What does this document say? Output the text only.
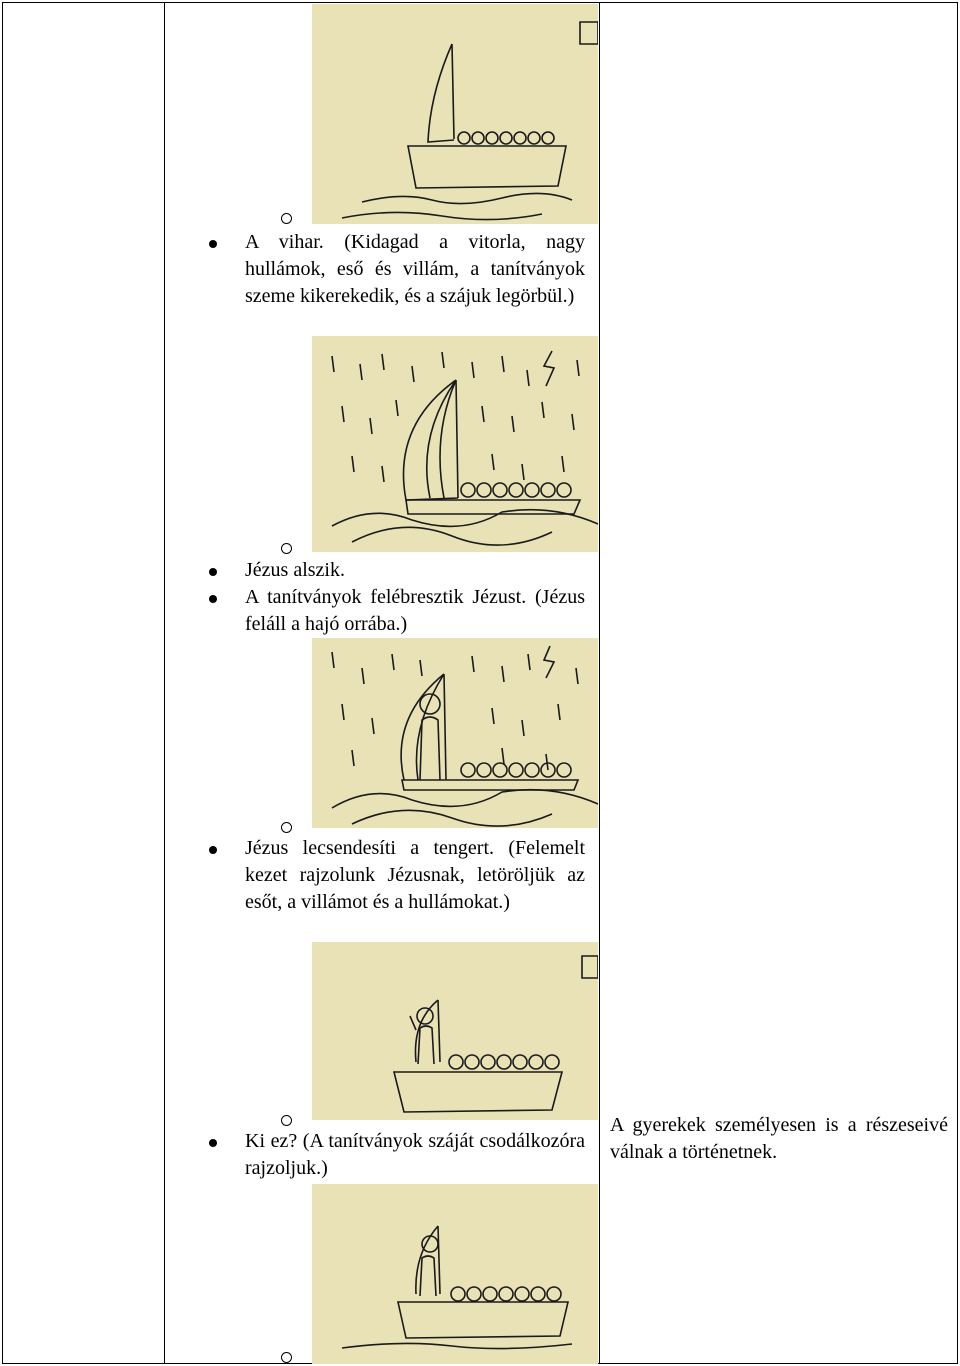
A vihar. (Kidagad a vitorla, nagy hullámok, eső és villám, a tanítványok szeme kikerekedik, és a szájuk legörbül.)
Jézus alszik.
A tanítványok felébresztik Jézust. (Jézus feláll a hajó orrába.)
Jézus lecsendesíti a tengert. (Felemelt kezet rajzolunk Jézusnak, letöröljük az esőt, a villámot és a hullámokat.)
Ki ez? (A tanítványok száját csodálkozóra rajzoljuk.)
A gyerekek személyesen is a részeseivé válnak a történetnek.
